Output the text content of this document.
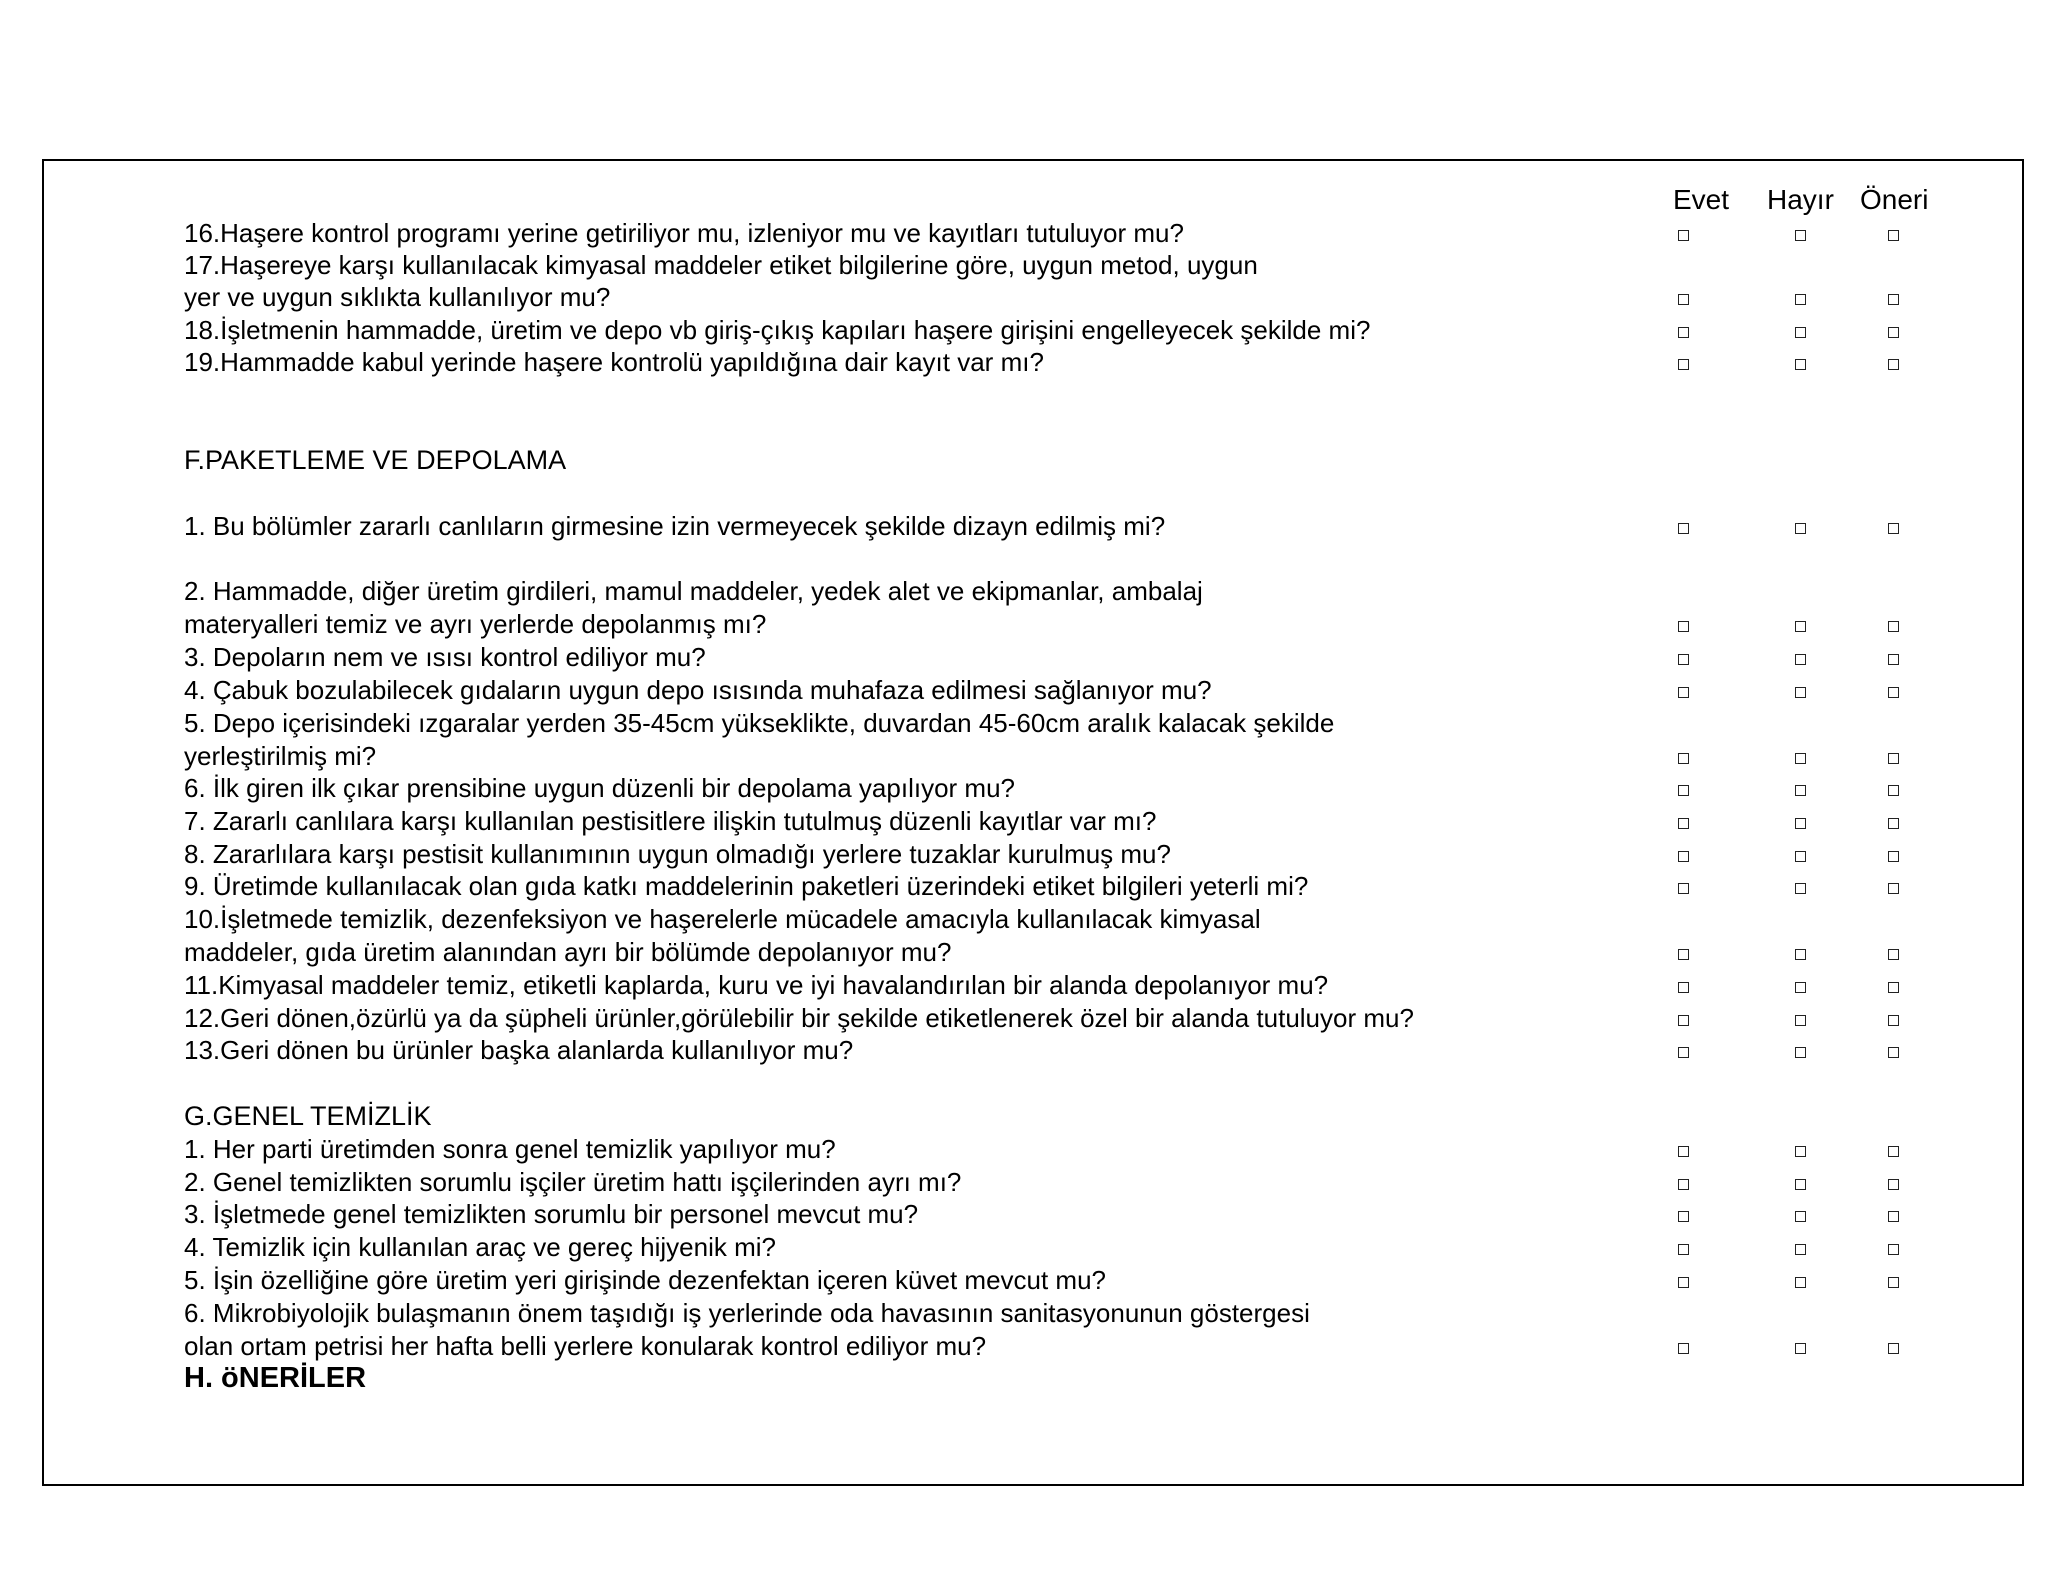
Evet Hayır Öneri
16.Haşere kontrol programı yerine getiriliyor mu, izleniyor mu ve kayıtları tutuluyor mu?
17.Haşereye karşı kullanılacak kimyasal maddeler etiket bilgilerine göre, uygun metod, uygun
yer ve uygun sıklıkta kullanılıyor mu?
18.İşletmenin hammadde, üretim ve depo vb giriş-çıkış kapıları haşere girişini engelleyecek şekilde mi?
19.Hammadde kabul yerinde haşere kontrolü yapıldığına dair kayıt var mı?
F.PAKETLEME VE DEPOLAMA
1. Bu bölümler zararlı canlıların girmesine izin vermeyecek şekilde dizayn edilmiş mi?
2. Hammadde, diğer üretim girdileri, mamul maddeler, yedek alet ve ekipmanlar, ambalaj
materyalleri temiz ve ayrı yerlerde depolanmış mı?
3. Depoların nem ve ısısı kontrol ediliyor mu?
4. Çabuk bozulabilecek gıdaların uygun depo ısısında muhafaza edilmesi sağlanıyor mu?
5. Depo içerisindeki ızgaralar yerden 35-45cm yükseklikte, duvardan 45-60cm aralık kalacak şekilde
yerleştirilmiş mi?
6. İlk giren ilk çıkar prensibine uygun düzenli bir depolama yapılıyor mu?
7. Zararlı canlılara karşı kullanılan pestisitlere ilişkin tutulmuş düzenli kayıtlar var mı?
8. Zararlılara karşı pestisit kullanımının uygun olmadığı yerlere tuzaklar kurulmuş mu?
9. Üretimde kullanılacak olan gıda katkı maddelerinin paketleri üzerindeki etiket bilgileri yeterli mi?
10.İşletmede temizlik, dezenfeksiyon ve haşerelerle mücadele amacıyla kullanılacak kimyasal
maddeler, gıda üretim alanından ayrı bir bölümde depolanıyor mu?
11.Kimyasal maddeler temiz, etiketli kaplarda, kuru ve iyi havalandırılan bir alanda depolanıyor mu?
12.Geri dönen,özürlü ya da şüpheli ürünler,görülebilir bir şekilde etiketlenerek özel bir alanda tutuluyor mu?
13.Geri dönen bu ürünler başka alanlarda kullanılıyor mu?
G.GENEL TEMİZLİK
1. Her parti üretimden sonra genel temizlik yapılıyor mu?
2. Genel temizlikten sorumlu işçiler üretim hattı işçilerinden ayrı mı?
3. İşletmede genel temizlikten sorumlu bir personel mevcut mu?
4. Temizlik için kullanılan araç ve gereç hijyenik mi?
5. İşin özelliğine göre üretim yeri girişinde dezenfektan içeren küvet mevcut mu?
6. Mikrobiyolojik bulaşmanın önem taşıdığı iş yerlerinde oda havasının sanitasyonunun göstergesi
olan ortam petrisi her hafta belli yerlere konularak kontrol ediliyor mu?
H. öNERİLER
